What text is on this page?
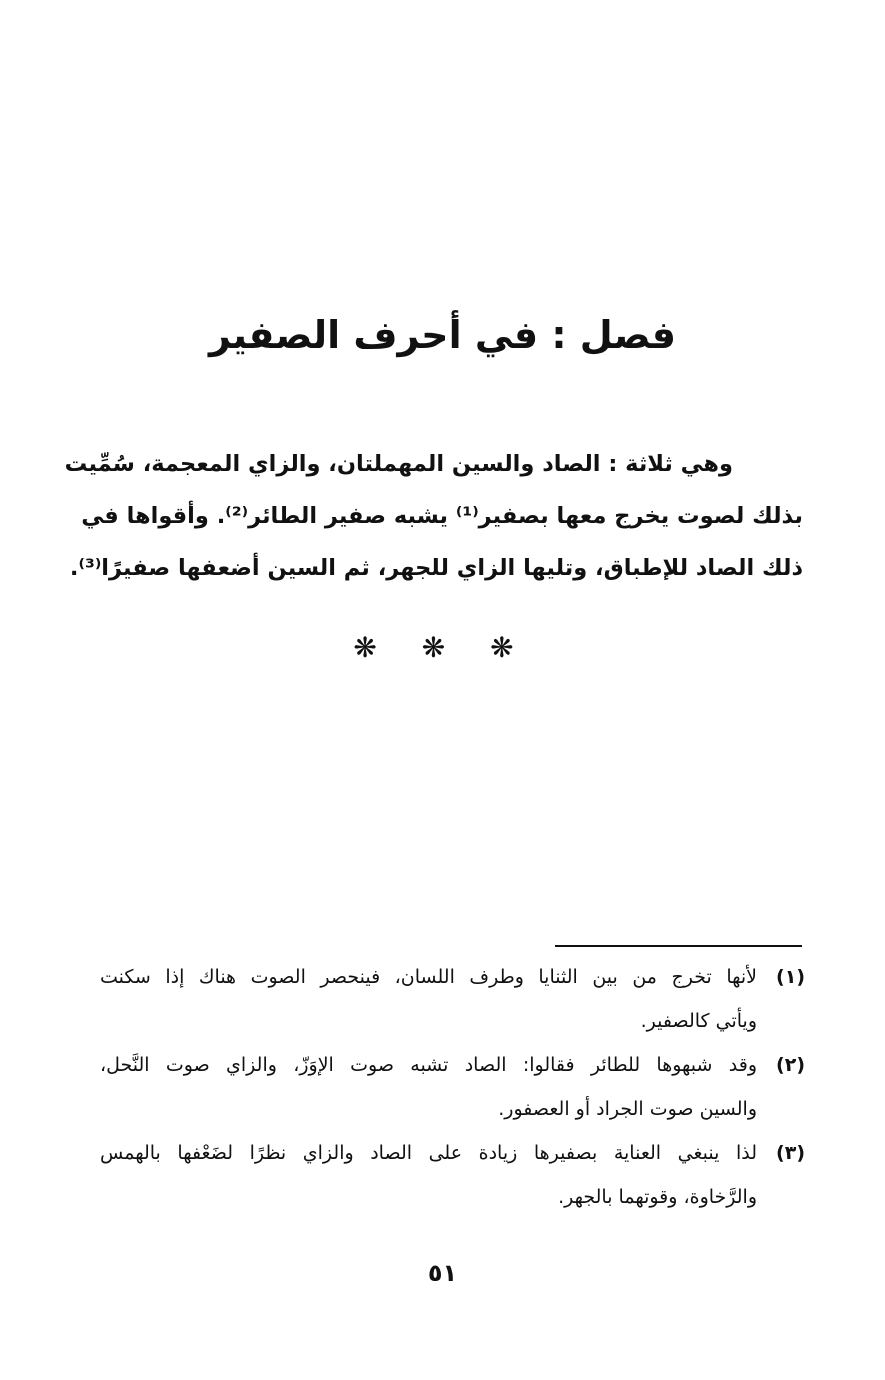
فصل : في أحرف الصفير
وهي ثلاثة : الصاد والسين المهملتان، والزاي المعجمة، سُمِّيت
بذلك لصوت يخرج معها بصفير⁽¹⁾ يشبه صفير الطائر⁽²⁾. وأقواها في
ذلك الصاد للإطباق، وتليها الزاي للجهر، ثم السين أضعفها صفيرًا⁽³⁾.
❋ ❋ ❋
(١)
لأنها تخرج من بين الثنايا وطرف اللسان، فينحصر الصوت هناك إذا سكنت
ويأتي كالصفير.
(٢)
وقد شبهوها للطائر فقالوا: الصاد تشبه صوت الإوَزّ، والزاي صوت النَّحل،
والسين صوت الجراد أو العصفور.
(٣)
لذا ينبغي العناية بصفيرها زيادة على الصاد والزاي نظرًا لضَعْفها بالهمس
والرَّخاوة، وقوتهما بالجهر.
٥١
